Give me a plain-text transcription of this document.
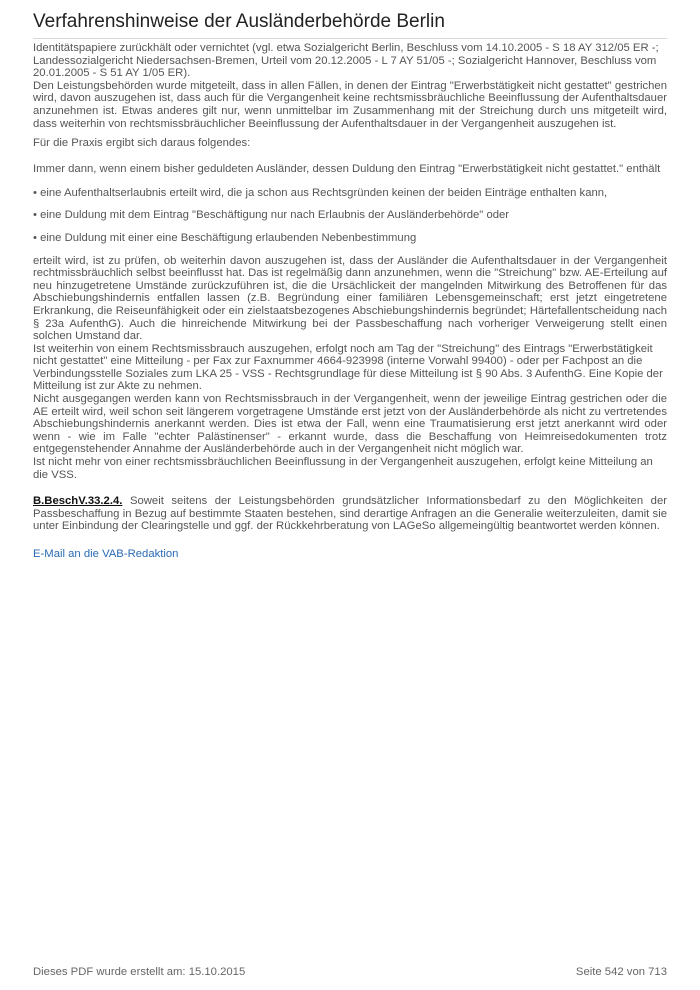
Verfahrenshinweise der Ausländerbehörde Berlin

Identitätspapiere zurückhält oder vernichtet (vgl. etwa Sozialgericht Berlin, Beschluss vom 14.10.2005 - S 18 AY 312/05 ER -; Landessozialgericht Niedersachsen-Bremen, Urteil vom 20.12.2005 - L 7 AY 51/05 -; Sozialgericht Hannover, Beschluss vom 20.01.2005 - S 51 AY 1/05 ER).

Den Leistungsbehörden wurde mitgeteilt, dass in allen Fällen, in denen der Eintrag "Erwerbstätigkeit nicht gestattet" gestrichen wird, davon auszugehen ist, dass auch für die Vergangenheit keine rechtsmissbräuchliche Beeinflussung der Aufenthaltsdauer anzunehmen ist. Etwas anderes gilt nur, wenn unmittelbar im Zusammenhang mit der Streichung durch uns mitgeteilt wird, dass weiterhin von rechtsmissbräuchlicher Beeinflussung der Aufenthaltsdauer in der Vergangenheit auszugehen ist.

Für die Praxis ergibt sich daraus folgendes:

Immer dann, wenn einem bisher geduldeten Ausländer, dessen Duldung den Eintrag "Erwerbstätigkeit nicht gestattet." enthält

• eine Aufenthaltserlaubnis erteilt wird, die ja schon aus Rechtsgründen keinen der beiden Einträge enthalten kann,

• eine Duldung mit dem Eintrag "Beschäftigung nur nach Erlaubnis der Ausländerbehörde" oder

• eine Duldung mit einer eine Beschäftigung erlaubenden Nebenbestimmung

erteilt wird, ist zu prüfen, ob weiterhin davon auszugehen ist, dass der Ausländer die Aufenthaltsdauer in der Vergangenheit rechtmissbräuchlich selbst beeinflusst hat. Das ist regelmäßig dann anzunehmen, wenn die "Streichung" bzw. AE-Erteilung auf neu hinzugetretene Umstände zurückzuführen ist, die die Ursächlickeit der mangelnden Mitwirkung des Betroffenen für das Abschiebungshindernis entfallen lassen (z.B. Begründung einer familiären Lebensgemeinschaft; erst jetzt eingetretene Erkrankung, die Reiseunfähigkeit oder ein zielstaatsbezogenes Abschiebungshindernis begründet; Härtefallentscheidung nach § 23a AufenthG). Auch die hinreichende Mitwirkung bei der Passbeschaffung nach vorheriger Verweigerung stellt einen solchen Umstand dar.

Ist weiterhin von einem Rechtsmissbrauch auszugehen, erfolgt noch am Tag der "Streichung" des Eintrags "Erwerbstätigkeit nicht gestattet" eine Mitteilung - per Fax zur Faxnummer 4664-923998 (interne Vorwahl 99400) - oder per Fachpost an die Verbindungsstelle Soziales zum LKA 25 - VSS - Rechtsgrundlage für diese Mitteilung ist § 90 Abs. 3 AufenthG. Eine Kopie der Mitteilung ist zur Akte zu nehmen.

Nicht ausgegangen werden kann von Rechtsmissbrauch in der Vergangenheit, wenn der jeweilige Eintrag gestrichen oder die AE erteilt wird, weil schon seit längerem vorgetragene Umstände erst jetzt von der Ausländerbehörde als nicht zu vertretendes Abschiebungshindernis anerkannt werden. Dies ist etwa der Fall, wenn eine Traumatisierung erst jetzt anerkannt wird oder wenn - wie im Falle "echter Palästinenser" - erkannt wurde, dass die Beschaffung von Heimreisedokumenten trotz entgegenstehender Annahme der Ausländerbehörde auch in der Vergangenheit nicht möglich war.

Ist nicht mehr von einer rechtsmissbräuchlichen Beeinflussung in der Vergangenheit auszugehen, erfolgt keine Mitteilung an die VSS.

B.BeschV.33.2.4. Soweit seitens der Leistungsbehörden grundsätzlicher Informationsbedarf zu den Möglichkeiten der Passbeschaffung in Bezug auf bestimmte Staaten bestehen, sind derartige Anfragen an die Generalie weiterzuleiten, damit sie unter Einbindung der Clearingstelle und ggf. der Rückkehrberatung von LAGeSo allgemeingültig beantwortet werden können.

E-Mail an die VAB-Redaktion
Dieses PDF wurde erstellt am: 15.10.2015	Seite 542 von 713
